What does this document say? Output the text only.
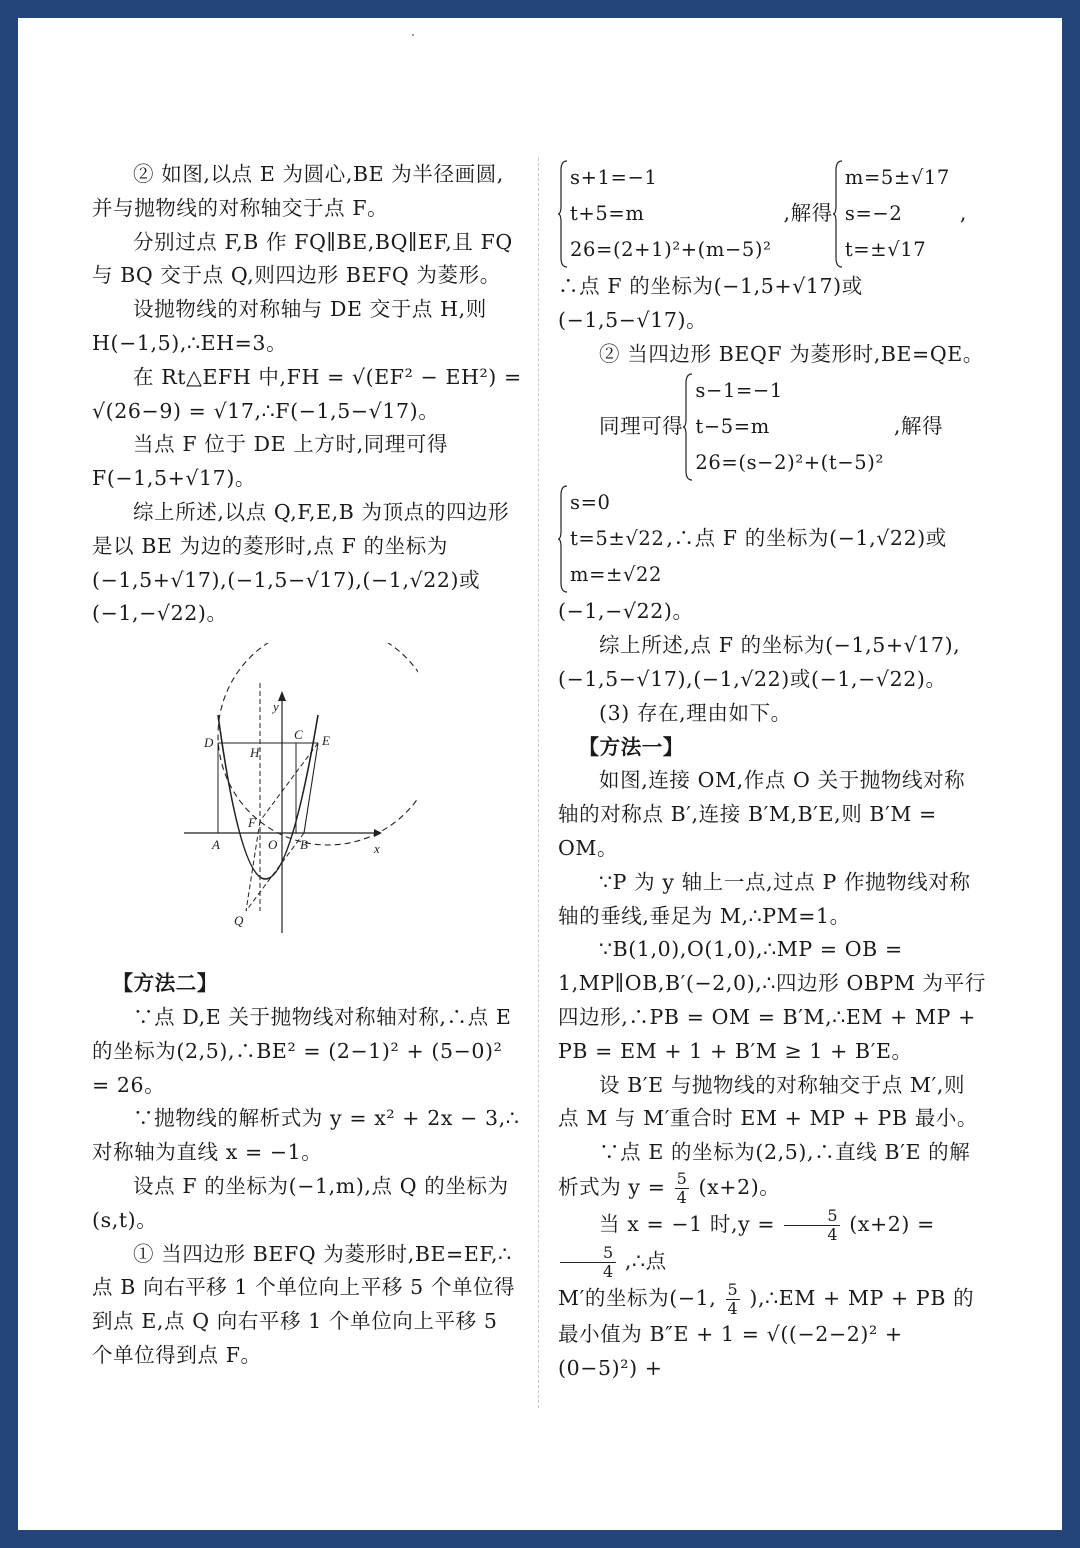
② 如图,以点 E 为圆心,BE 为半径画圆,并与抛物线的对称轴交于点 F。

分别过点 F,B 作 FQ∥BE,BQ∥EF,且 FQ 与 BQ 交于点 Q,则四边形 BEFQ 为菱形。

设抛物线的对称轴与 DE 交于点 H,则 H(−1,5),∴EH=3。

在 Rt△EFH 中,FH = √(EF² − EH²) = √(26−9) = √17,∴F(−1,5−√17)。

当点 F 位于 DE 上方时,同理可得 F(−1,5+√17)。

综上所述,以点 Q,F,E,B 为顶点的四边形是以 BE 为边的菱形时,点 F 的坐标为(−1,5+√17),(−1,5−√17),(−1,√22)或(−1,−√22)。

y
x
D
H
C E
F
A	O B
Q

【方法二】

∵点 D,E 关于抛物线对称轴对称,∴点 E 的坐标为(2,5),∴BE² = (2−1)² + (5−0)² = 26。

∵抛物线的解析式为 y = x² + 2x − 3,∴对称轴为直线 x = −1。

设点 F 的坐标为(−1,m),点 Q 的坐标为(s,t)。

① 当四边形 BEFQ 为菱形时,BE=EF,∴点 B 向右平移 1 个单位向上平移 5 个单位得到点 E,点 Q 向右平移 1 个单位向上平移 5 个单位得到点 F。

s+1=−1
t+5=m
26=(2+1)²+(m−5)²
,解得
m=5±√17
s=−2
t=±√17
,

∴点 F 的坐标为(−1,5+√17)或(−1,5−√17)。

② 当四边形 BEQF 为菱形时,BE=QE。

同理可得
s−1=−1
t−5=m
26=(s−2)²+(t−5)²
,解得
s=0
t=5±√22
m=±√22
,∴点 F 的坐标为(−1,√22)或

(−1,−√22)。

综上所述,点 F 的坐标为(−1,5+√17),(−1,5−√17),(−1,√22)或(−1,−√22)。

(3) 存在,理由如下。

【方法一】

如图,连接 OM,作点 O 关于抛物线对称轴的对称点 B′,连接 B′M,B′E,则 B′M = OM。

∵P 为 y 轴上一点,过点 P 作抛物线对称轴的垂线,垂足为 M,∴PM=1。

∵B(1,0),O(1,0),∴MP = OB = 1,MP∥OB,B′(−2,0),∴四边形 OBPM 为平行四边形,∴PB = OM = B′M,∴EM + MP + PB = EM + 1 + B′M ≥ 1 + B′E。

设 B′E 与抛物线的对称轴交于点 M′,则点 M 与 M′重合时 EM + MP + PB 最小。

∵点 E 的坐标为(2,5),∴直线 B′E 的解

析式为 $y = \frac{5}{4} (x+2)$。

当 x = −1 时$,y = \frac{5}{4} (x+2)$ =
$\frac{5}{4}$ ,∴点

M′的坐标为(−1, $\frac{5}{4}$ ),∴EM + MP + PB 的

最小值为 B″E + 1 = √((−2−2)² + (0−5)²) +
